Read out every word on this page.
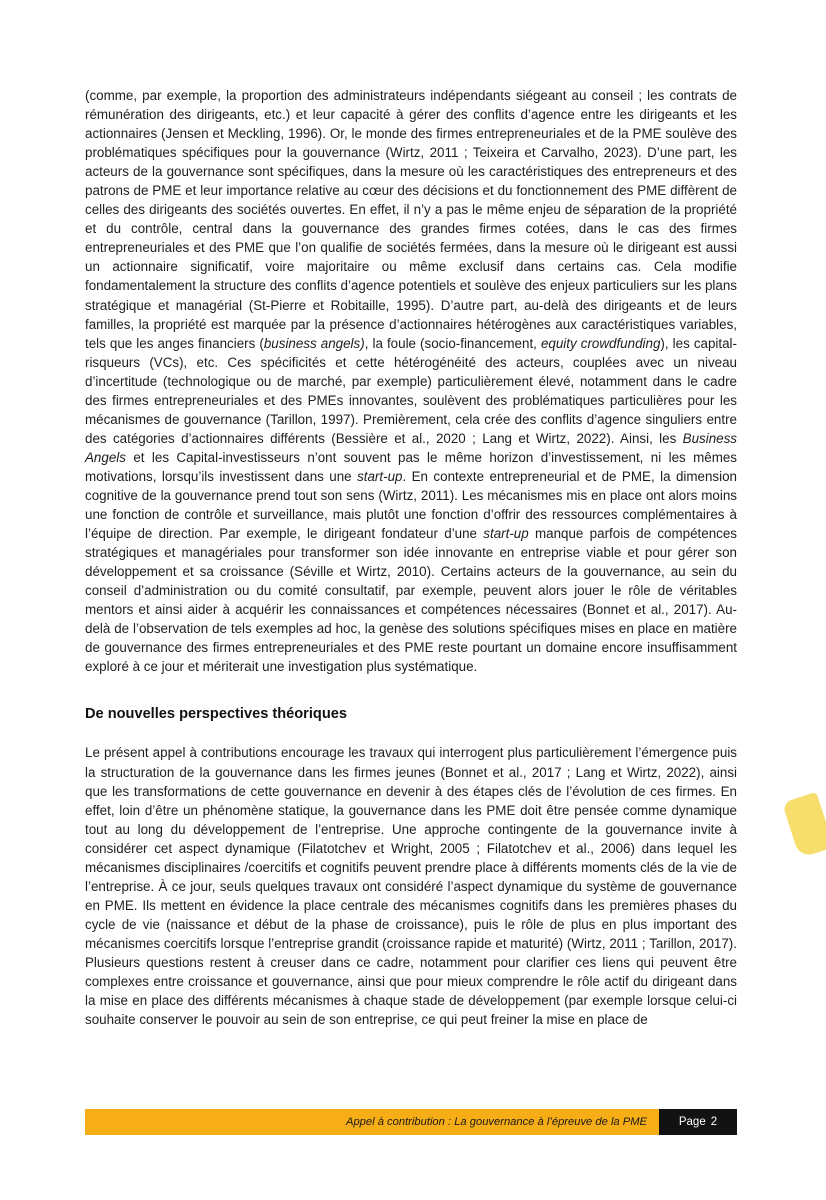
(comme, par exemple, la proportion des administrateurs indépendants siégeant au conseil ; les contrats de rémunération des dirigeants, etc.) et leur capacité à gérer des conflits d’agence entre les dirigeants et les actionnaires (Jensen et Meckling, 1996). Or, le monde des firmes entrepreneuriales et de la PME soulève des problématiques spécifiques pour la gouvernance (Wirtz, 2011 ; Teixeira et Carvalho, 2023). D’une part, les acteurs de la gouvernance sont spécifiques, dans la mesure où les caractéristiques des entrepreneurs et des patrons de PME et leur importance relative au cœur des décisions et du fonctionnement des PME diffèrent de celles des dirigeants des sociétés ouvertes. En effet, il n’y a pas le même enjeu de séparation de la propriété et du contrôle, central dans la gouvernance des grandes firmes cotées, dans le cas des firmes entrepreneuriales et des PME que l’on qualifie de sociétés fermées, dans la mesure où le dirigeant est aussi un actionnaire significatif, voire majoritaire ou même exclusif dans certains cas. Cela modifie fondamentalement la structure des conflits d’agence potentiels et soulève des enjeux particuliers sur les plans stratégique et managérial (St-Pierre et Robitaille, 1995). D’autre part, au-delà des dirigeants et de leurs familles, la propriété est marquée par la présence d’actionnaires hétérogènes aux caractéristiques variables, tels que les anges financiers (business angels), la foule (socio-financement, equity crowdfunding), les capital-risqueurs (VCs), etc. Ces spécificités et cette hétérogénéité des acteurs, couplées avec un niveau d’incertitude (technologique ou de marché, par exemple) particulièrement élevé, notamment dans le cadre des firmes entrepreneuriales et des PMEs innovantes, soulèvent des problématiques particulières pour les mécanismes de gouvernance (Tarillon, 1997). Premièrement, cela crée des conflits d’agence singuliers entre des catégories d’actionnaires différents (Bessière et al., 2020 ; Lang et Wirtz, 2022). Ainsi, les Business Angels et les Capital-investisseurs n’ont souvent pas le même horizon d’investissement, ni les mêmes motivations, lorsqu’ils investissent dans une start-up. En contexte entrepreneurial et de PME, la dimension cognitive de la gouvernance prend tout son sens (Wirtz, 2011). Les mécanismes mis en place ont alors moins une fonction de contrôle et surveillance, mais plutôt une fonction d’offrir des ressources complémentaires à l’équipe de direction. Par exemple, le dirigeant fondateur d’une start-up manque parfois de compétences stratégiques et managériales pour transformer son idée innovante en entreprise viable et pour gérer son développement et sa croissance (Séville et Wirtz, 2010). Certains acteurs de la gouvernance, au sein du conseil d’administration ou du comité consultatif, par exemple, peuvent alors jouer le rôle de véritables mentors et ainsi aider à acquérir les connaissances et compétences nécessaires (Bonnet et al., 2017). Au-delà de l’observation de tels exemples ad hoc, la genèse des solutions spécifiques mises en place en matière de gouvernance des firmes entrepreneuriales et des PME reste pourtant un domaine encore insuffisamment exploré à ce jour et mériterait une investigation plus systématique.

De nouvelles perspectives théoriques

Le présent appel à contributions encourage les travaux qui interrogent plus particulièrement l’émergence puis la structuration de la gouvernance dans les firmes jeunes (Bonnet et al., 2017 ; Lang et Wirtz, 2022), ainsi que les transformations de cette gouvernance en devenir à des étapes clés de l’évolution de ces firmes. En effet, loin d’être un phénomène statique, la gouvernance dans les PME doit être pensée comme dynamique tout au long du développement de l’entreprise. Une approche contingente de la gouvernance invite à considérer cet aspect dynamique (Filatotchev et Wright, 2005 ; Filatotchev et al., 2006) dans lequel les mécanismes disciplinaires /coercitifs et cognitifs peuvent prendre place à différents moments clés de la vie de l’entreprise. À ce jour, seuls quelques travaux ont considéré l’aspect dynamique du système de gouvernance en PME. Ils mettent en évidence la place centrale des mécanismes cognitifs dans les premières phases du cycle de vie (naissance et début de la phase de croissance), puis le rôle de plus en plus important des mécanismes coercitifs lorsque l’entreprise grandit (croissance rapide et maturité) (Wirtz, 2011 ; Tarillon, 2017). Plusieurs questions restent à creuser dans ce cadre, notamment pour clarifier ces liens qui peuvent être complexes entre croissance et gouvernance, ainsi que pour mieux comprendre le rôle actif du dirigeant dans la mise en place des différents mécanismes à chaque stade de développement (par exemple lorsque celui-ci souhaite conserver le pouvoir au sein de son entreprise, ce qui peut freiner la mise en place de

Appel à contribution : La gouvernance à l’épreuve de la PME	Page 2
